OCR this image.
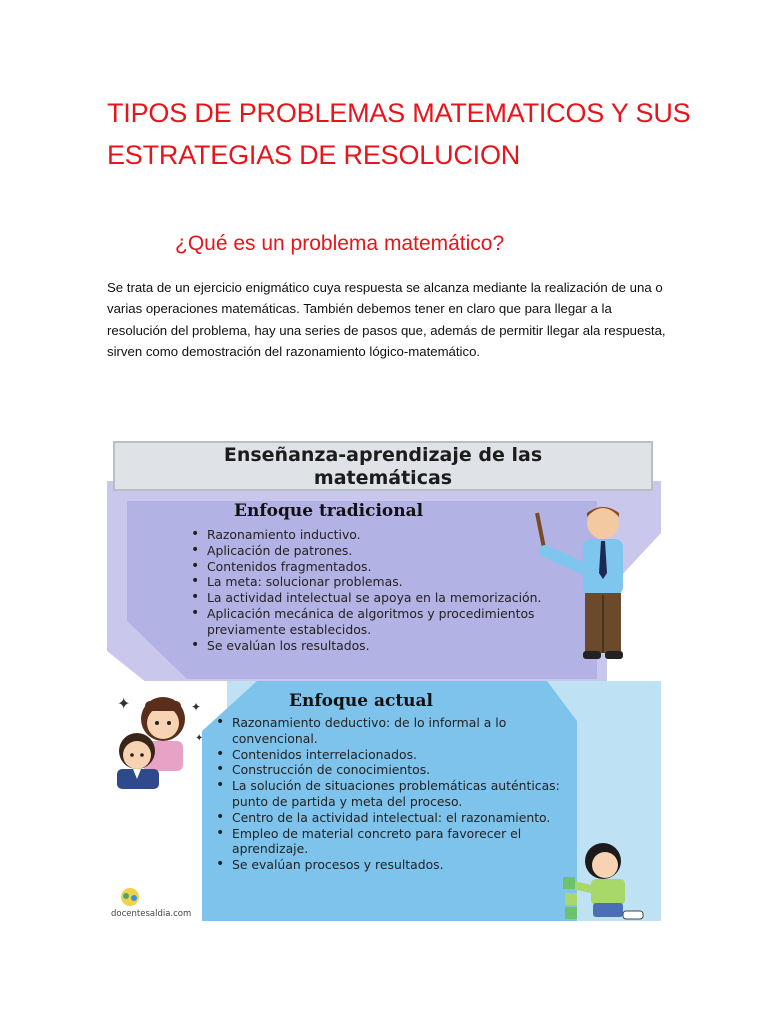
TIPOS DE PROBLEMAS MATEMATICOS Y SUS ESTRATEGIAS DE RESOLUCION
¿Qué es un problema matemático?

Se trata de un ejercicio enigmático cuya respuesta se alcanza mediante la realización de una o varias operaciones matemáticas. También debemos tener en claro que para llegar a la resolución del problema, hay una series de pasos que, además de permitir llegar ala respuesta, sirven como demostración del razonamiento lógico-matemático.

Enseñanza-aprendizaje de las
matemáticas
Enfoque tradicional
• Razonamiento inductivo.
• Aplicación de patrones.
• Contenidos fragmentados.
• La meta: solucionar problemas.
• La actividad intelectual se apoya en la memorización.
• Aplicación mecánica de algoritmos y procedimientos previamente establecidos.
• Se evalúan los resultados.
✦	✦
✦
Enfoque actual
• Razonamiento deductivo: de lo informal a lo convencional.
• Contenidos interrelacionados.
• Construcción de conocimientos.
• La solución de situaciones problemáticas auténticas: punto de partida y meta del proceso.
• Centro de la actividad intelectual: el razonamiento.
• Empleo de material concreto para favorecer el aprendizaje.
• Se evalúan procesos y resultados.
docentesaldia.com
